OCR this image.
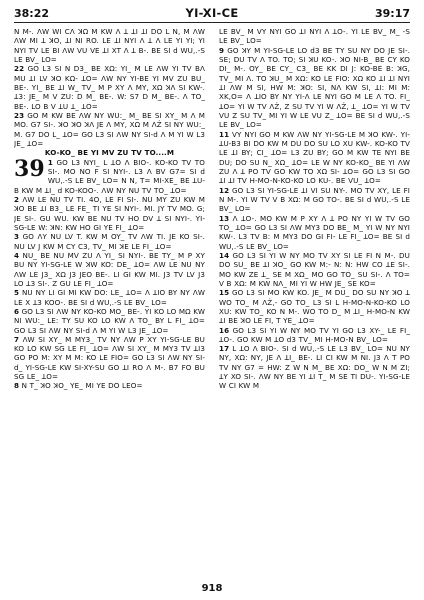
38:22	YI-XI-CE	39:17

N M-. ΛW WI CΛ ꓘΩ M KW Λ ꓕ ꓕI ꓕI DO L N, M ΛW ΛW MI ꓕ ꓘO, ꓕI NI RO. LE ꓕI NYI Λ ꓕ Λ LE YI YI; YI NYI TV LE BI ΛW VU VE ꓕI XT Λ ꓕ B-. BE SI d WU,.-S LE BV_ LO=

22 GO L3 SI N D3_ BE XΩ: YI_ M LE ΛW YI TV BΛ MU ꓕI LV ꓘO KΩ- ꓕO= ΛW NY YI-BE YI MV ZU BU_ BE-. YI_ BE ꓕI W_ TV_ M P XY Λ MY, XΩ ꓘΛ SI KW-. ꓕ3: JE_ M V ZU: D M_ BE-. W: S7 D M_ BE-. Λ TO_ BE-. LO B V ꓕU ꓕ_ ꓕO=

23 GO M KW BE ΛW NY WU:_ M_ BE SI XY_ M Λ M MO. G7 SI-. ꓘO ꓘO ꓘΛ JE Λ MY, XΩ M ΛŹ SI NY WU:_ M. G7 DO L_ ꓕO= GO L3 SI ΛW NY SI-d Λ M YI W L3 JE_ ꓕO=

KO-KO_ BE YI MV ZU TV TO....M

39 1 GO L3 NYI_ L ꓕO Λ BIO-. KO-KO TV TO SI-. MO NO F SI NYI-. L3 Λ BV G7= SI d WU,.-S LE BV_ LO= N N, T= MI-XE_ BE ꓕU-B KW M ꓕI_ d KO-KOO-. ΛW NY NU TV TO_ ꓕO=

2 ΛW LE NU TV TI. 4O, LE FI SI-. NU MY ZU KW M ꓘO BE ꓕI B3_ LE FE_ TI YE SI NYI-. MI. JY TV MO. G; JE SI-. GU WU. KW BE NU TV HO DV ꓕ SI NYI-. YI-SG-LE W: ꓘN: KW HO GI YE FI_ ꓕO=

3 GO ΛY NU LV T. KW M OY_ TV ΛW TI. JE KO SI-. NU LV J KW M CY C3, TV_ MI ꓘE LE FI_ ꓕO=

4 NU_ BE NU MV ZU Λ YI_ SI NYI-. BE TY_ M P XY BU NY YI-SG-LE W ꓘW KO: DE_ ꓕO= ΛW LE NU NY ΛW LE J3_ XΩ J3 JEO BE-. LI GI KW MI. J3 TV LV J3 LO ꓕ3 SI-. Z GU LE FI_ ꓕO=

5 NU NY LI GI MI KW DO: LE_ ꓕO= Λ ꓕIO BY NY ΛW LE X ꓕ3 KOO-. BE SI d WU,.-S LE BV_ LO=

6 GO L3 SI ΛW NY KO-KO MO_ BE-. YI KO LO MΩ KW NI WU:_ LE: TY SU KO LO KW Λ TO_ BY L FI_ ꓕO= GO L3 SI ΛW NY SI-d Λ M YI W L3 JE_ ꓕO=

7 ΛW SI XY_ M MY3_ TV NY ΛW P XY YI-SG-LE BU KO LO KW SG LE FI_ ꓕO= ΛW SI XY_ M MY3 TV ꓕI3 GO PO M: XY M M: KO LE FIO= GO L3 SI ΛW NY SI-d_ YI-SG-LE KW SI-XY-SU GO ꓕI RO Λ M-. B7 FO BU SG LE_ ꓕO=

8 N T_ ꓘO ꓘO_ YE_ MI YE DO LEO=

LE BV_ M VY NYI GO ꓕI NYI Λ ꓕO-. YI LE BV_ M_ -S LE BV_ LO=

9 GO ꓘY M YI-SG-LE LO d3 BE TY SU NY DO JE SI-. SE; DU TV Λ TO. TO; SI ꓘU KO-. ꓘO NI-B_ BE CY KO DI_ M-. OY_ BE CY_ C3_ BE KK DI J: KO-BE B: ꓘG, TV_ MI Λ. TO ꓘU_ M XΩ: KO LE FIO: XΩ KO ꓕI ꓕI NYI ꓕI ΛW M SI, HW M: ꓘO: SI, NΛ KW SI, ꓕI: MI M: XK,O= Λ ꓕIO BY NY YI-Λ LE NYI GO M LE Λ TO. FI_ ꓕO= YI W TV ΛŹ, Z SU TV YI W ΛŹ, ꓕ_ ꓕO= YI W TV VU Z SU TV_ MI YI W LE VU Z_ ꓕO= BE SI d WU,.-S LE BV_ LO=

11 VY NYI GO M KW ΛW NY YI-SG-LE M ꓘO KW-. YI-ꓕU-B3 BI DO KW M DU DO SU LO XU KW-. KO-KO TV LE ꓕI BY; CI_ ꓕO= L3 ZU BY; GO M KW TE NYI BE DU; DO SU N_ XΩ_ ꓕO= LE W NY KO-KO_ BE YI ΛW ZU Λ ꓕ PO TV GO KW TO XΩ SI- ꓕO= GO L3 SI GO ꓕI ꓕI TV H-MO-N-KO-KO LO KU-. BE VU_ ꓕO=

12 GO L3 SI YI-SG-LE ꓕI VI SU NY-. MO TV XY, LE FI N M-. YI W TV V B XΩ: M GO TO-. BE SI d WU,.-S LE BV_ LO=

13 Λ ꓕO-. MO KW M P XY Λ ꓕ PO NY YI W TV GO TO_ ꓕO= GO L3 SI ΛW MY3 DO BE_ M_ YI W NY NYI KW-. L3 TV B: M MY3 DO GI FI- LE FI_ ꓕO= BE SI d WU,.-S LE BV_ LO=

14 GO L3 SI YI W NY MO TV XY SI LE FI N M-. DU DO SU_ BE ꓕI ꓘO_ GO KW M:- N: N: HW CO ꓕE SI-. MO KW ZE ꓕ_ SE M XΩ_ MO GO TO_ SU SI-. Λ TO= V B XΩ: M KW NΛ_ MI YI W HW JE_ SE KO=

15 GO L3 SI MO KW KO. JE_ M DU_ DO SU NY ꓘO ꓕ WO TO_ M ΛŹ,- GO TO_ L3 SI L H-MO-N-KO-KO LO XU: KW TO_ KO N M-. WO TO D_ M ꓕI_ H-MO-N KW ꓕI BE ꓘO LE FI, T YE_ ꓕO=

16 GO L3 SI YI W NY MO TV YI GO L3 XY-_ LE FI_ ꓕO-. GO KW M ꓕO d3 TV_ MI H-MO-N BV_ LO=

17 L ꓕO Λ BIO-. SI d WU,.-S LE L3 BV_ LO= NU NY NY, XΩ: NY, JE Λ ꓕI_ BE-. LI CI KW M NI. J3 Λ T PO TV NY G7 = HW: Z W N M_ BE XΩ: DO_ W N M ZI; ꓕY XO SI-. ΛW NY BE YI ꓕI T_ M SE TI DU-. YI-SG-LE W CI KW M

918
